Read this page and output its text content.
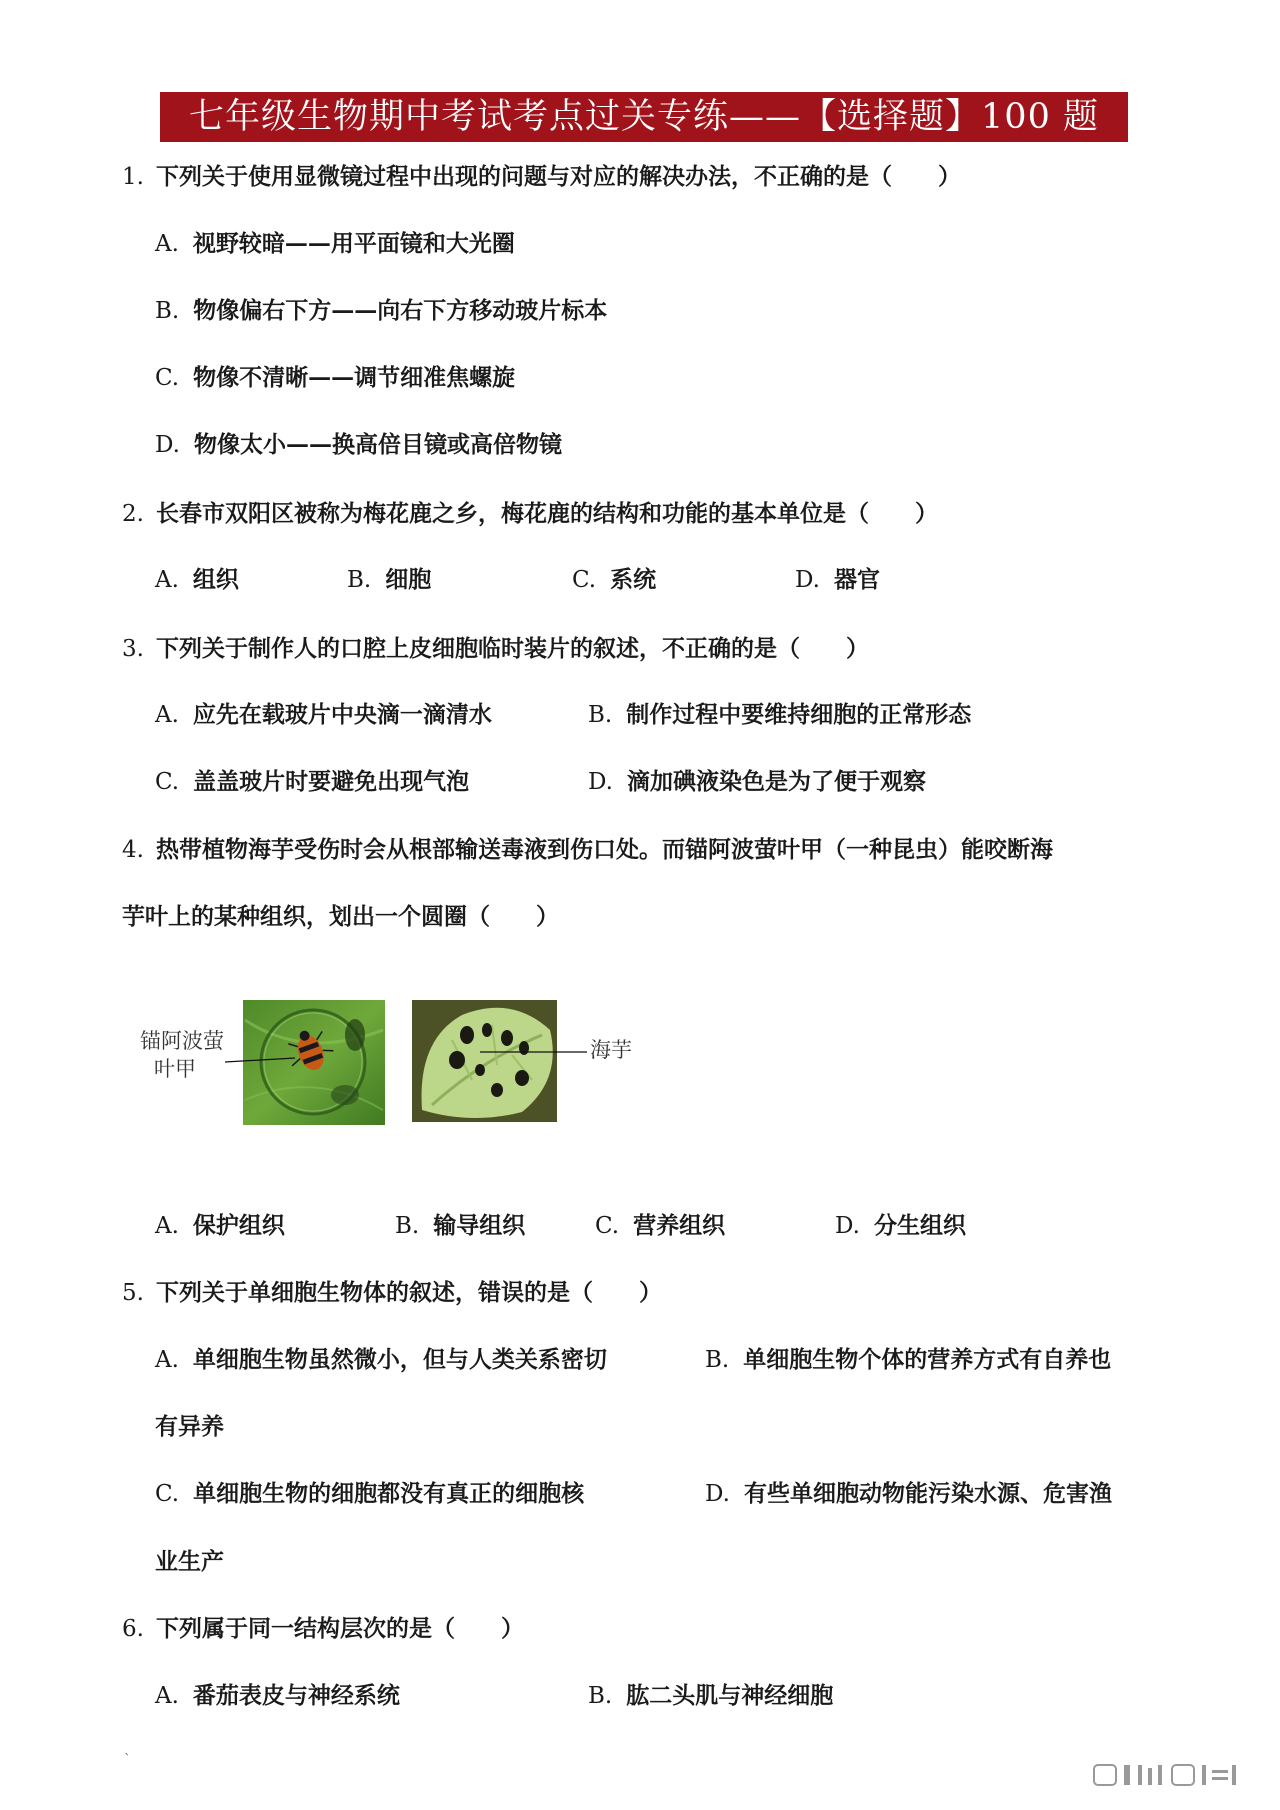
七年级生物期中考试考点过关专练——【选择题】100 题
1. 下列关于使用显微镜过程中出现的问题与对应的解决办法，不正确的是（　　）
A. 视野较暗——用平面镜和大光圈
B. 物像偏右下方——向右下方移动玻片标本
C. 物像不清晰——调节细准焦螺旋
D. 物像太小——换高倍目镜或高倍物镜
2. 长春市双阳区被称为梅花鹿之乡，梅花鹿的结构和功能的基本单位是（　　）
A. 组织	B. 细胞	C. 系统	D. 器官
3. 下列关于制作人的口腔上皮细胞临时装片的叙述，不正确的是（　　）
A. 应先在载玻片中央滴一滴清水	B. 制作过程中要维持细胞的正常形态
C. 盖盖玻片时要避免出现气泡	D. 滴加碘液染色是为了便于观察
4. 热带植物海芋受伤时会从根部输送毒液到伤口处。而锚阿波萤叶甲（一种昆虫）能咬断海
芋叶上的某种组织，划出一个圆圈（　　）
锚阿波萤
叶甲
海芋
A. 保护组织	B. 输导组织	C. 营养组织	D. 分生组织
5. 下列关于单细胞生物体的叙述，错误的是（　　）
A. 单细胞生物虽然微小，但与人类关系密切	B. 单细胞生物个体的营养方式有自养也
有异养
C. 单细胞生物的细胞都没有真正的细胞核	D. 有些单细胞动物能污染水源、危害渔
业生产
6. 下列属于同一结构层次的是（　　）
A. 番茄表皮与神经系统	B. 肱二头肌与神经细胞
`
